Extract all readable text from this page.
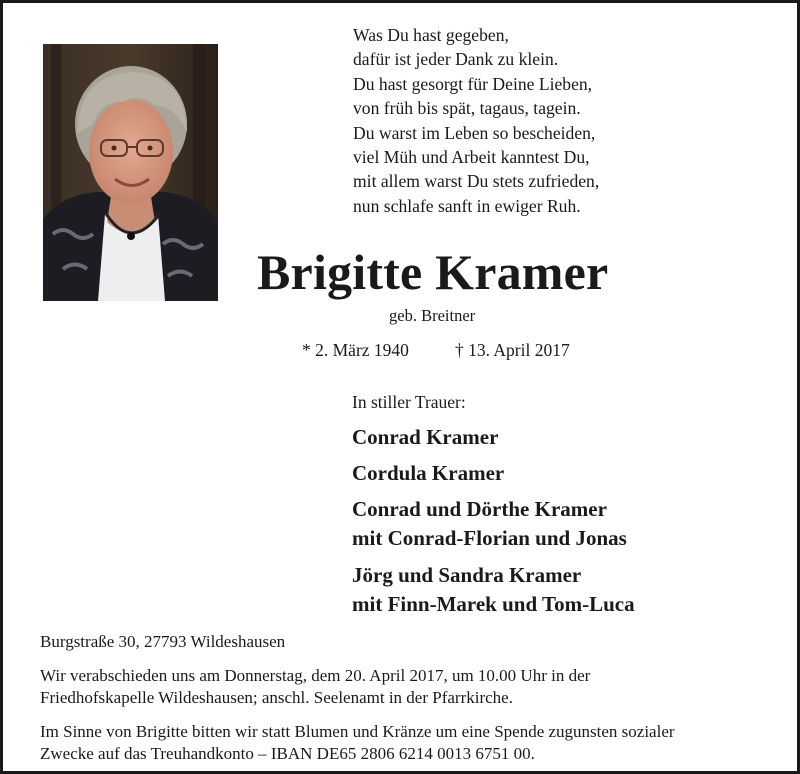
Was Du hast gegeben,
dafür ist jeder Dank zu klein.
Du hast gesorgt für Deine Lieben,
von früh bis spät, tagaus, tagein.
Du warst im Leben so bescheiden,
viel Müh und Arbeit kanntest Du,
mit allem warst Du stets zufrieden,
nun schlafe sanft in ewiger Ruh.
Brigitte Kramer
geb. Breitner
* 2. März 1940	† 13. April 2017
In stiller Trauer:
Conrad Kramer
Cordula Kramer
Conrad und Dörthe Kramer
mit Conrad-Florian und Jonas
Jörg und Sandra Kramer
mit Finn-Marek und Tom-Luca
Burgstraße 30, 27793 Wildeshausen
Wir verabschieden uns am Donnerstag, dem 20. April 2017, um 10.00 Uhr in der
Friedhofskapelle Wildeshausen; anschl. Seelenamt in der Pfarrkirche.
Im Sinne von Brigitte bitten wir statt Blumen und Kränze um eine Spende zugunsten sozialer
Zwecke auf das Treuhandkonto – IBAN DE65 2806 6214 0013 6751 00.
